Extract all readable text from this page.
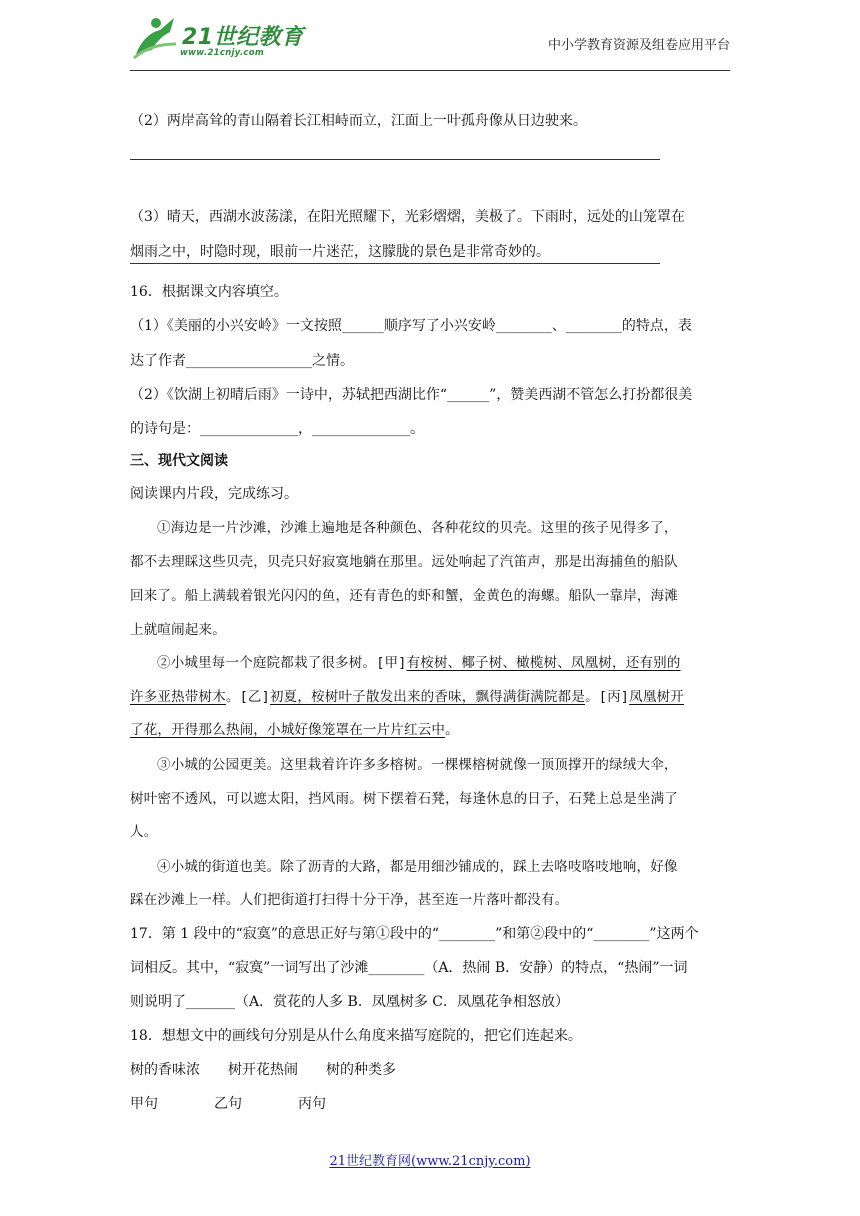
21世纪教育
www.21cnjy.com	中小学教育资源及组卷应用平台
（2）两岸高耸的青山隔着长江相峙而立，江面上一叶孤舟像从日边驶来。
（3）晴天，西湖水波荡漾，在阳光照耀下，光彩熠熠，美极了。下雨时，远处的山笼罩在
烟雨之中，时隐时现，眼前一片迷茫，这朦胧的景色是非常奇妙的。
16．根据课文内容填空。
（1）《美丽的小兴安岭》一文按照______顺序写了小兴安岭________、________的特点，表
达了作者__________________之情。
（2）《饮湖上初晴后雨》一诗中，苏轼把西湖比作“______”，赞美西湖不管怎么打扮都很美
的诗句是：______________，______________。
三、现代文阅读
阅读课内片段，完成练习。
①海边是一片沙滩，沙滩上遍地是各种颜色、各种花纹的贝壳。这里的孩子见得多了，
都不去理睬这些贝壳，贝壳只好寂寞地躺在那里。远处响起了汽笛声，那是出海捕鱼的船队
回来了。船上满载着银光闪闪的鱼，还有青色的虾和蟹，金黄色的海螺。船队一靠岸，海滩
上就喧闹起来。
②小城里每一个庭院都栽了很多树。[甲]有桉树、椰子树、橄榄树、凤凰树，还有别的
许多亚热带树木。[乙]初夏，桉树叶子散发出来的香味，飘得满街满院都是。[丙]凤凰树开
了花，开得那么热闹，小城好像笼罩在一片片红云中。
③小城的公园更美。这里栽着许许多多榕树。一棵棵榕树就像一顶顶撑开的绿绒大伞，
树叶密不透风，可以遮太阳，挡风雨。树下摆着石凳，每逢休息的日子，石凳上总是坐满了
人。
④小城的街道也美。除了沥青的大路，都是用细沙铺成的，踩上去咯吱咯吱地响，好像
踩在沙滩上一样。人们把街道打扫得十分干净，甚至连一片落叶都没有。
17．第 1 段中的“寂寞”的意思正好与第①段中的“________”和第②段中的“________”这两个
词相反。其中，“寂寞”一词写出了沙滩________（A．热闹 B．安静）的特点，“热闹”一词
则说明了_______（A．赏花的人多 B．凤凰树多 C．凤凰花争相怒放）
18．想想文中的画线句分别是从什么角度来描写庭院的，把它们连起来。
树的香味浓　　树开花热闹　　树的种类多
甲句　　　　乙句　　　　丙句
21世纪教育网(www.21cnjy.com)
